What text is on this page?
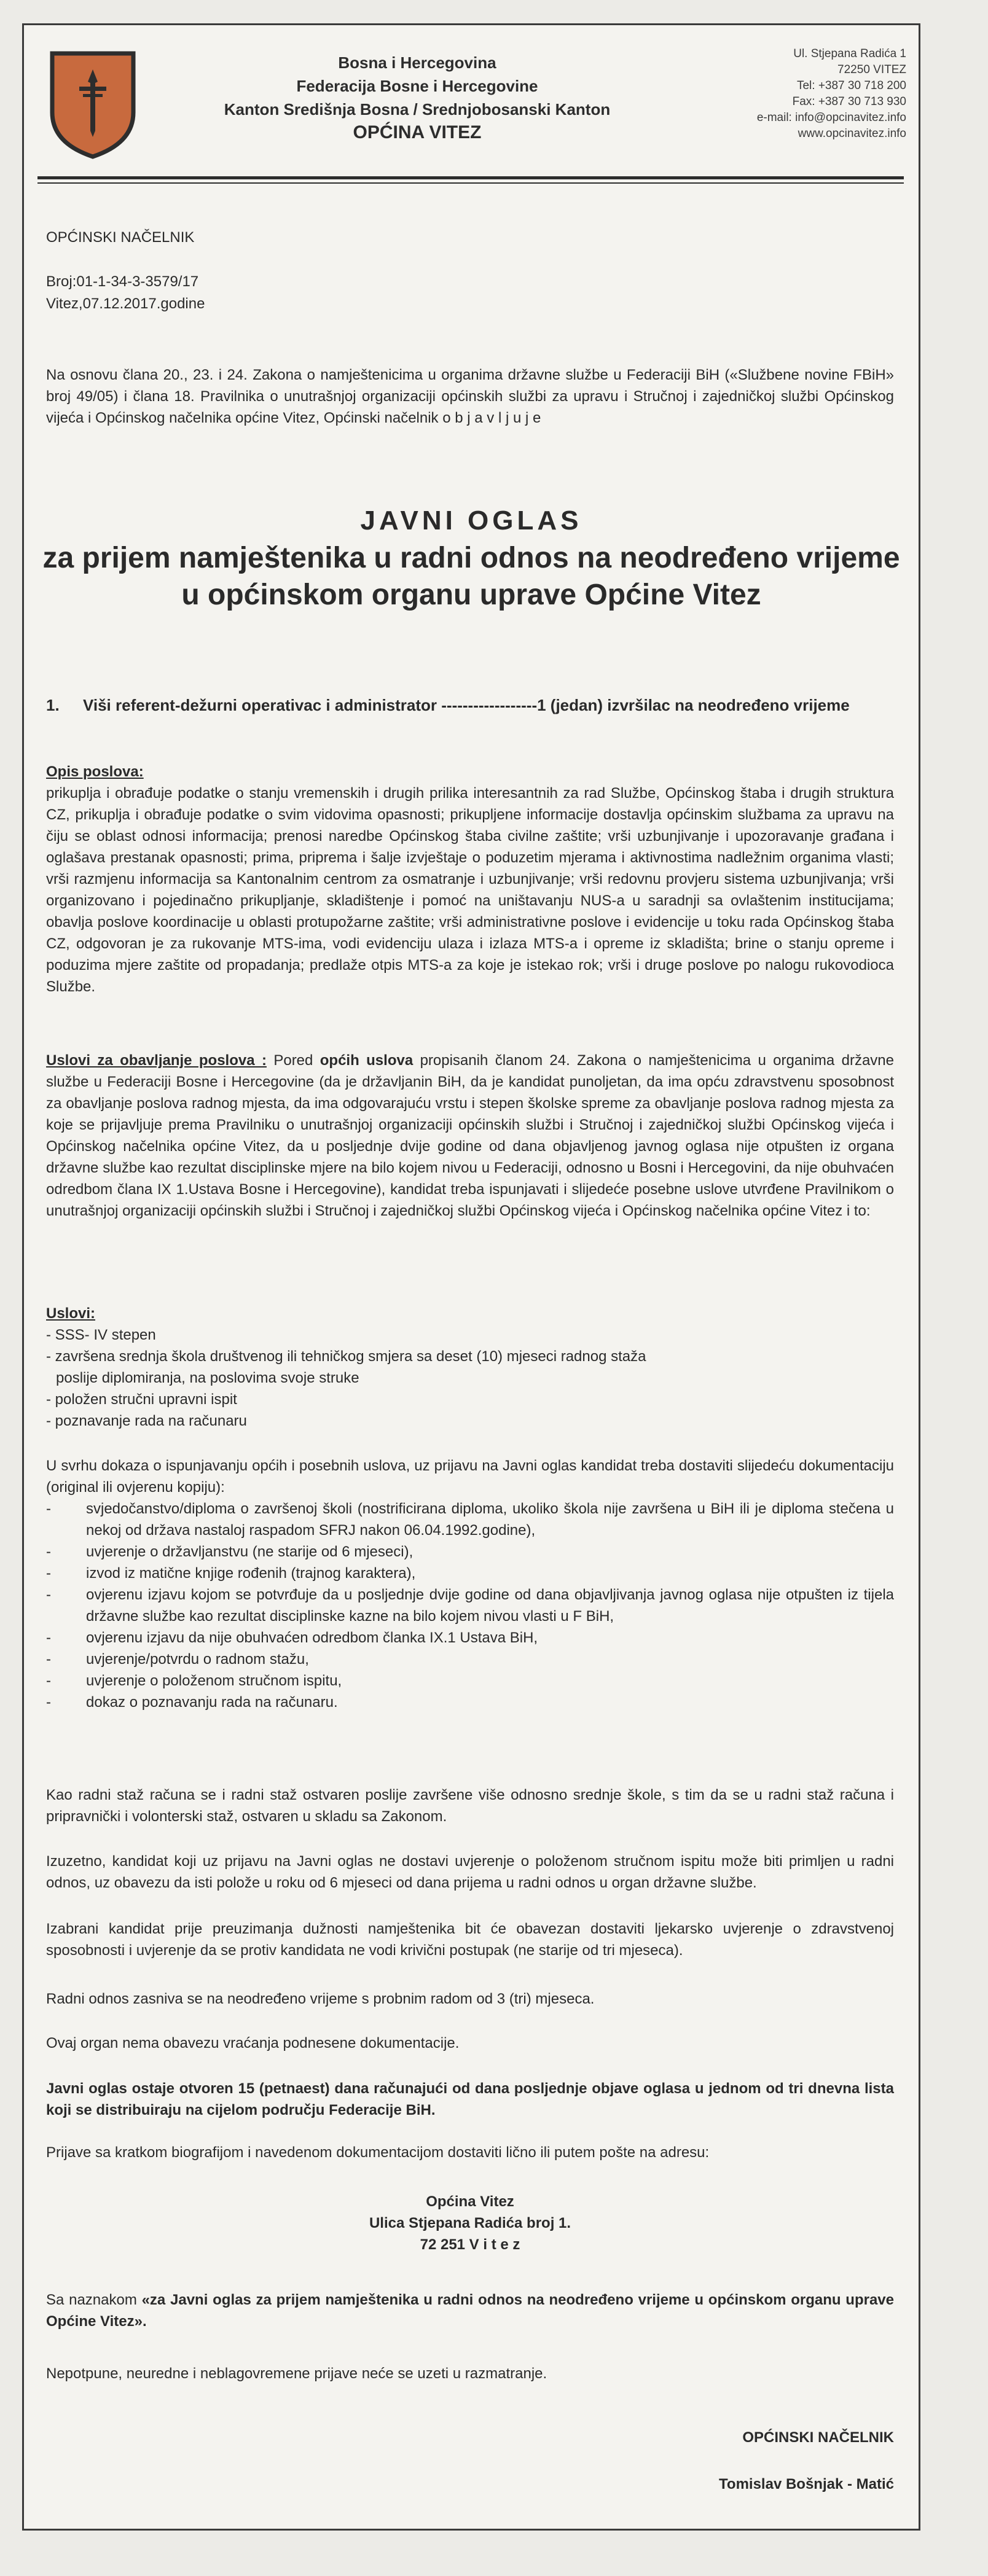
Bosna i Hercegovina
Federacija Bosne i Hercegovine
Kanton Središnja Bosna / Srednjobosanski Kanton
OPĆINA VITEZ
Ul. Stjepana Radića 1
72250 VITEZ
Tel: +387 30 718 200
Fax: +387 30 713 930
e-mail: info@opcinavitez.info
www.opcinavitez.info
OPĆINSKI NAČELNIK
Broj:01-1-34-3-3579/17
Vitez,07.12.2017.godine
Na osnovu člana 20., 23. i 24. Zakona o namještenicima u organima državne službe u Federaciji BiH («Službene novine FBiH» broj 49/05) i člana 18. Pravilnika o unutrašnjoj organizaciji općinskih službi za upravu i Stručnoj i zajedničkoj službi Općinskog vijeća i Općinskog načelnika općine Vitez, Općinski načelnik o b j a v l j u j e
JAVNI OGLAS
za prijem namještenika u radni odnos na neodređeno vrijeme
u općinskom organu uprave Općine Vitez
1. Viši referent-dežurni operativac i administrator ------------------1 (jedan) izvršilac na neodređeno vrijeme
Opis poslova:
prikuplja i obrađuje podatke o stanju vremenskih i drugih prilika interesantnih za rad Službe, Općinskog štaba i drugih struktura CZ, prikuplja i obrađuje podatke o svim vidovima opasnosti; prikupljene informacije dostavlja općinskim službama za upravu na čiju se oblast odnosi informacija; prenosi naredbe Općinskog štaba civilne zaštite; vrši uzbunjivanje i upozoravanje građana i oglašava prestanak opasnosti; prima, priprema i šalje izvještaje o poduzetim mjerama i aktivnostima nadležnim organima vlasti; vrši razmjenu informacija sa Kantonalnim centrom za osmatranje i uzbunjivanje; vrši redovnu provjeru sistema uzbunjivanja; vrši organizovano i pojedinačno prikupljanje, skladištenje i pomoć na uništavanju NUS-a u saradnji sa ovlaštenim institucijama; obavlja poslove koordinacije u oblasti protupožarne zaštite; vrši administrativne poslove i evidencije u toku rada Općinskog štaba CZ, odgovoran je za rukovanje MTS-ima, vodi evidenciju ulaza i izlaza MTS-a i opreme iz skladišta; brine o stanju opreme i poduzima mjere zaštite od propadanja; predlaže otpis MTS-a za koje je istekao rok; vrši i druge poslove po nalogu rukovodioca Službe.
Uslovi za obavljanje poslova : Pored općih uslova propisanih članom 24. Zakona o namještenicima u organima državne službe u Federaciji Bosne i Hercegovine (da je državljanin BiH, da je kandidat punoljetan, da ima opću zdravstvenu sposobnost za obavljanje poslova radnog mjesta, da ima odgovarajuću vrstu i stepen školske spreme za obavljanje poslova radnog mjesta za koje se prijavljuje prema Pravilniku o unutrašnjoj organizaciji općinskih službi i Stručnoj i zajedničkoj službi Općinskog vijeća i Općinskog načelnika općine Vitez, da u posljednje dvije godine od dana objavljenog javnog oglasa nije otpušten iz organa državne službe kao rezultat disciplinske mjere na bilo kojem nivou u Federaciji, odnosno u Bosni i Hercegovini, da nije obuhvaćen odredbom člana IX 1.Ustava Bosne i Hercegovine), kandidat treba ispunjavati i slijedeće posebne uslove utvrđene Pravilnikom o unutrašnjoj organizaciji općinskih službi i Stručnoj i zajedničkoj službi Općinskog vijeća i Općinskog načelnika općine Vitez i to:
Uslovi:
- SSS- IV stepen
- završena srednja škola društvenog ili tehničkog smjera sa deset (10) mjeseci radnog staža
poslije diplomiranja, na poslovima svoje struke
- položen stručni upravni ispit
- poznavanje rada na računaru
U svrhu dokaza o ispunjavanju općih i posebnih uslova, uz prijavu na Javni oglas kandidat treba dostaviti slijedeću dokumentaciju (original ili ovjerenu kopiju):
-	svjedočanstvo/diploma o završenoj školi (nostrificirana diploma, ukoliko škola nije završena u BiH ili je diploma stečena u nekoj od država nastaloj raspadom SFRJ nakon 06.04.1992.godine),
-	uvjerenje o državljanstvu (ne starije od 6 mjeseci),
-	izvod iz matične knjige rođenih (trajnog karaktera),
-	ovjerenu izjavu kojom se potvrđuje da u posljednje dvije godine od dana objavljivanja javnog oglasa nije otpušten iz tijela državne službe kao rezultat disciplinske kazne na bilo kojem nivou vlasti u F BiH,
-	ovjerenu izjavu da nije obuhvaćen odredbom članka IX.1 Ustava BiH,
-	uvjerenje/potvrdu o radnom stažu,
-	uvjerenje o položenom stručnom ispitu,
-	dokaz o poznavanju rada na računaru.
Kao radni staž računa se i radni staž ostvaren poslije završene više odnosno srednje škole, s tim da se u radni staž računa i pripravnički i volonterski staž, ostvaren u skladu sa Zakonom.
Izuzetno, kandidat koji uz prijavu na Javni oglas ne dostavi uvjerenje o položenom stručnom ispitu može biti primljen u radni odnos, uz obavezu da isti polože u roku od 6 mjeseci od dana prijema u radni odnos u organ državne službe.
Izabrani kandidat prije preuzimanja dužnosti namještenika bit će obavezan dostaviti ljekarsko uvjerenje o zdravstvenoj sposobnosti i uvjerenje da se protiv kandidata ne vodi krivični postupak (ne starije od tri mjeseca).
Radni odnos zasniva se na neodređeno vrijeme s probnim radom od 3 (tri) mjeseca.
Ovaj organ nema obavezu vraćanja podnesene dokumentacije.
Javni oglas ostaje otvoren 15 (petnaest) dana računajući od dana posljednje objave oglasa u jednom od tri dnevna lista koji se distribuiraju na cijelom području Federacije BiH.
Prijave sa kratkom biografijom i navedenom dokumentacijom dostaviti lično ili putem pošte na adresu:
Općina Vitez
Ulica Stjepana Radića broj 1.
72 251 V i t e z
Sa naznakom «za Javni oglas za prijem namještenika u radni odnos na neodređeno vrijeme u općinskom organu uprave Općine Vitez».
Nepotpune, neuredne i neblagovremene prijave neće se uzeti u razmatranje.
OPĆINSKI NAČELNIK
Tomislav Bošnjak - Matić
